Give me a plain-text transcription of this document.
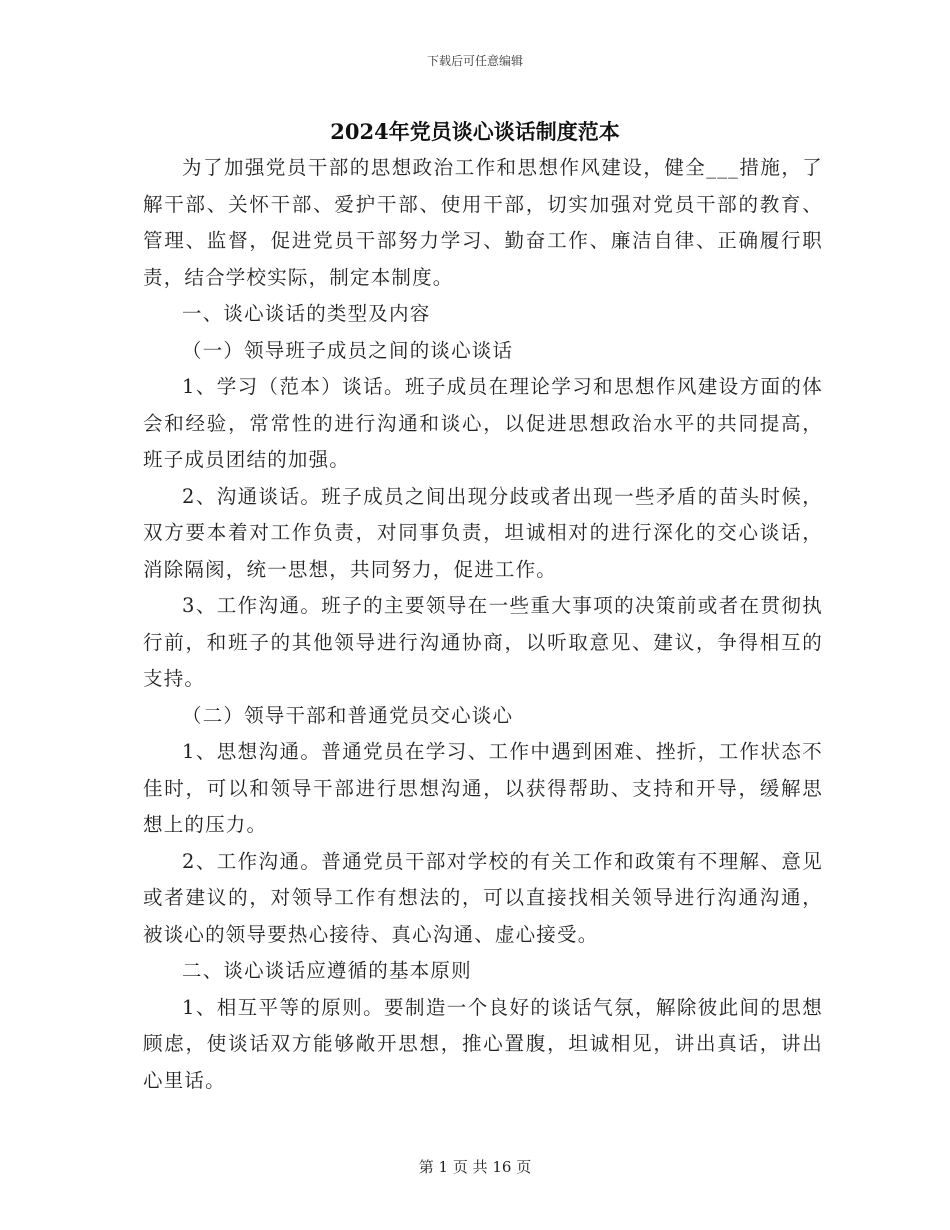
下载后可任意编辑
2024年党员谈心谈话制度范本

为了加强党员干部的思想政治工作和思想作风建设，健全___措施，了解干部、关怀干部、爱护干部、使用干部，切实加强对党员干部的教育、管理、监督，促进党员干部努力学习、勤奋工作、廉洁自律、正确履行职责，结合学校实际，制定本制度。

一、谈心谈话的类型及内容

（一）领导班子成员之间的谈心谈话

1、学习（范本）谈话。班子成员在理论学习和思想作风建设方面的体会和经验，常常性的进行沟通和谈心，以促进思想政治水平的共同提高，班子成员团结的加强。

2、沟通谈话。班子成员之间出现分歧或者出现一些矛盾的苗头时候，双方要本着对工作负责，对同事负责，坦诚相对的进行深化的交心谈话，消除隔阂，统一思想，共同努力，促进工作。

3、工作沟通。班子的主要领导在一些重大事项的决策前或者在贯彻执行前，和班子的其他领导进行沟通协商，以听取意见、建议，争得相互的支持。

（二）领导干部和普通党员交心谈心

1、思想沟通。普通党员在学习、工作中遇到困难、挫折，工作状态不佳时，可以和领导干部进行思想沟通，以获得帮助、支持和开导，缓解思想上的压力。

2、工作沟通。普通党员干部对学校的有关工作和政策有不理解、意见或者建议的，对领导工作有想法的，可以直接找相关领导进行沟通沟通，被谈心的领导要热心接待、真心沟通、虚心接受。

二、谈心谈话应遵循的基本原则

1、相互平等的原则。要制造一个良好的谈话气氛，解除彼此间的思想顾虑，使谈话双方能够敞开思想，推心置腹，坦诚相见，讲出真话，讲出心里话。

第 1 页 共 16 页
